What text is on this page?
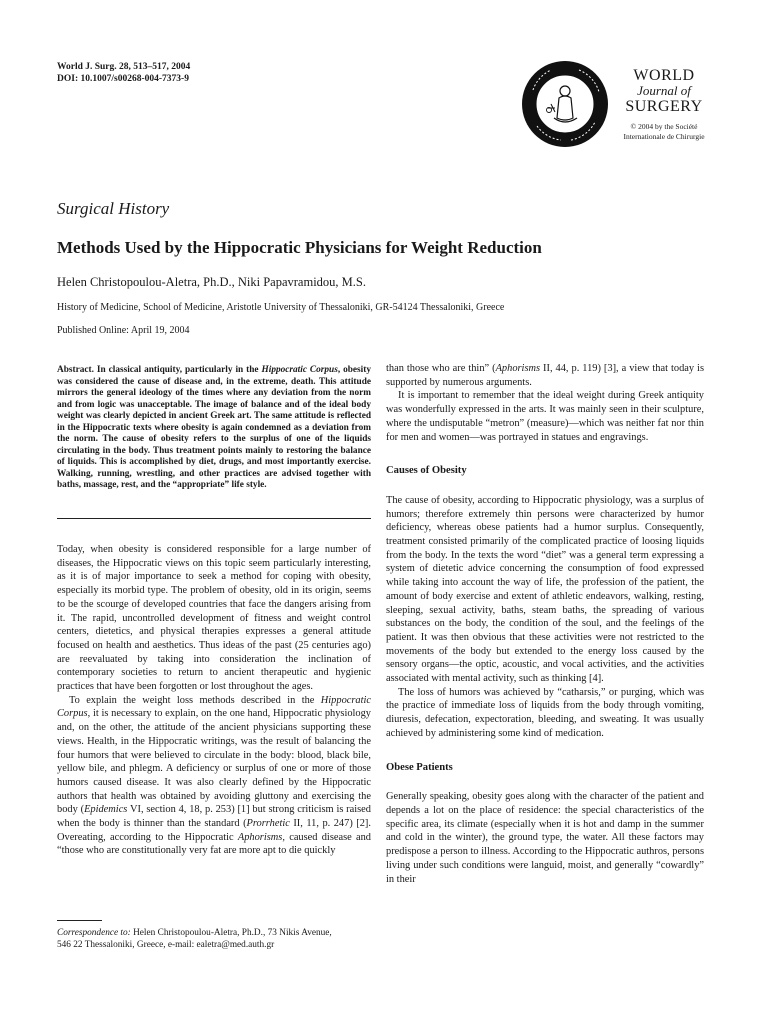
World J. Surg. 28, 513–517, 2004
DOI: 10.1007/s00268-004-7373-9	WORLD
Journal of
SURGERY
© 2004 by the Société
Internationale de Chirurgie
Surgical History
Methods Used by the Hippocratic Physicians for Weight Reduction
Helen Christopoulou-Aletra, Ph.D., Niki Papavramidou, M.S.
History of Medicine, School of Medicine, Aristotle University of Thessaloniki, GR-54124 Thessaloniki, Greece
Published Online: April 19, 2004
Abstract. In classical antiquity, particularly in the Hippocratic Corpus, obesity was considered the cause of disease and, in the extreme, death. This attitude mirrors the general ideology of the times where any deviation from the norm and from logic was unacceptable. The image of balance and of the ideal body weight was clearly depicted in ancient Greek art. The same attitude is reflected in the Hippocratic texts where obesity is again condemned as a deviation from the norm. The cause of obesity refers to the surplus of one of the liquids circulating in the body. Thus treatment points mainly to restoring the balance of liquids. This is accomplished by diet, drugs, and most importantly exercise. Walking, running, wrestling, and other practices are advised together with baths, massage, rest, and the “appropriate” life style.

Today, when obesity is considered responsible for a large number of diseases, the Hippocratic views on this topic seem particularly interesting, as it is of major importance to seek a method for coping with obesity, especially its morbid type. The problem of obesity, old in its origin, seems to be the scourge of developed countries that face the dangers arising from it. The rapid, uncontrolled development of fitness and weight control centers, dietetics, and physical therapies expresses a general attitude focused on health and aesthetics. Thus ideas of the past (25 centuries ago) are reevaluated by taking into consideration the inclination of contemporary societies to return to ancient therapeutic and hygienic practices that have been forgotten or lost throughout the ages.

To explain the weight loss methods described in the Hippocratic Corpus, it is necessary to explain, on the one hand, Hippocratic physiology and, on the other, the attitude of the ancient physicians supporting these views. Health, in the Hippocratic writings, was the result of balancing the four humors that were believed to circulate in the body: blood, black bile, yellow bile, and phlegm. A deficiency or surplus of one or more of those humors caused disease. It was also clearly defined by the Hippocratic authors that health was obtained by avoiding gluttony and exercising the body (Epidemics VI, section 4, 18, p. 253) [1] but strong criticism is raised when the body is thinner than the standard (Prorrhetic II, 11, p. 247) [2]. Overeating, according to the Hippocratic Aphorisms, caused disease and “those who are constitutionally very fat are more apt to die quickly

than those who are thin” (Aphorisms II, 44, p. 119) [3], a view that today is supported by numerous arguments.

It is important to remember that the ideal weight during Greek antiquity was wonderfully expressed in the arts. It was mainly seen in their sculpture, where the undisputable “metron” (measure)—which was neither fat nor thin for men and women—was portrayed in statues and engravings.

Causes of Obesity

The cause of obesity, according to Hippocratic physiology, was a surplus of humors; therefore extremely thin persons were characterized by humor deficiency, whereas obese patients had a humor surplus. Consequently, treatment consisted primarily of the complicated practice of loosing liquids from the body. In the texts the word “diet” was a general term expressing a system of dietetic advice concerning the consumption of food expressed while taking into account the way of life, the profession of the patient, the amount of body exercise and extent of athletic endeavors, walking, resting, sleeping, sexual activity, baths, steam baths, the spreading of various substances on the body, the condition of the soul, and the feelings of the patient. It was then obvious that these activities were not restricted to the movements of the body but extended to the energy loss caused by the sensory organs—the optic, acoustic, and vocal activities, and the activities associated with mental activity, such as thinking [4].

The loss of humors was achieved by “catharsis,” or purging, which was the practice of immediate loss of liquids from the body through vomiting, diuresis, defecation, expectoration, bleeding, and sweating. It was usually achieved by administering some kind of medication.

Obese Patients

Generally speaking, obesity goes along with the character of the patient and depends a lot on the place of residence: the special characteristics of the specific area, its climate (especially when it is hot and damp in the summer and cold in the winter), the ground type, the water. All these factors may predispose a person to illness. According to the Hippocratic authros, persons living under such conditions were languid, moist, and generally “cowardly” in their

Correspondence to: Helen Christopoulou-Aletra, Ph.D., 73 Nikis Avenue,
546 22 Thessaloniki, Greece, e-mail: ealetra@med.auth.gr
